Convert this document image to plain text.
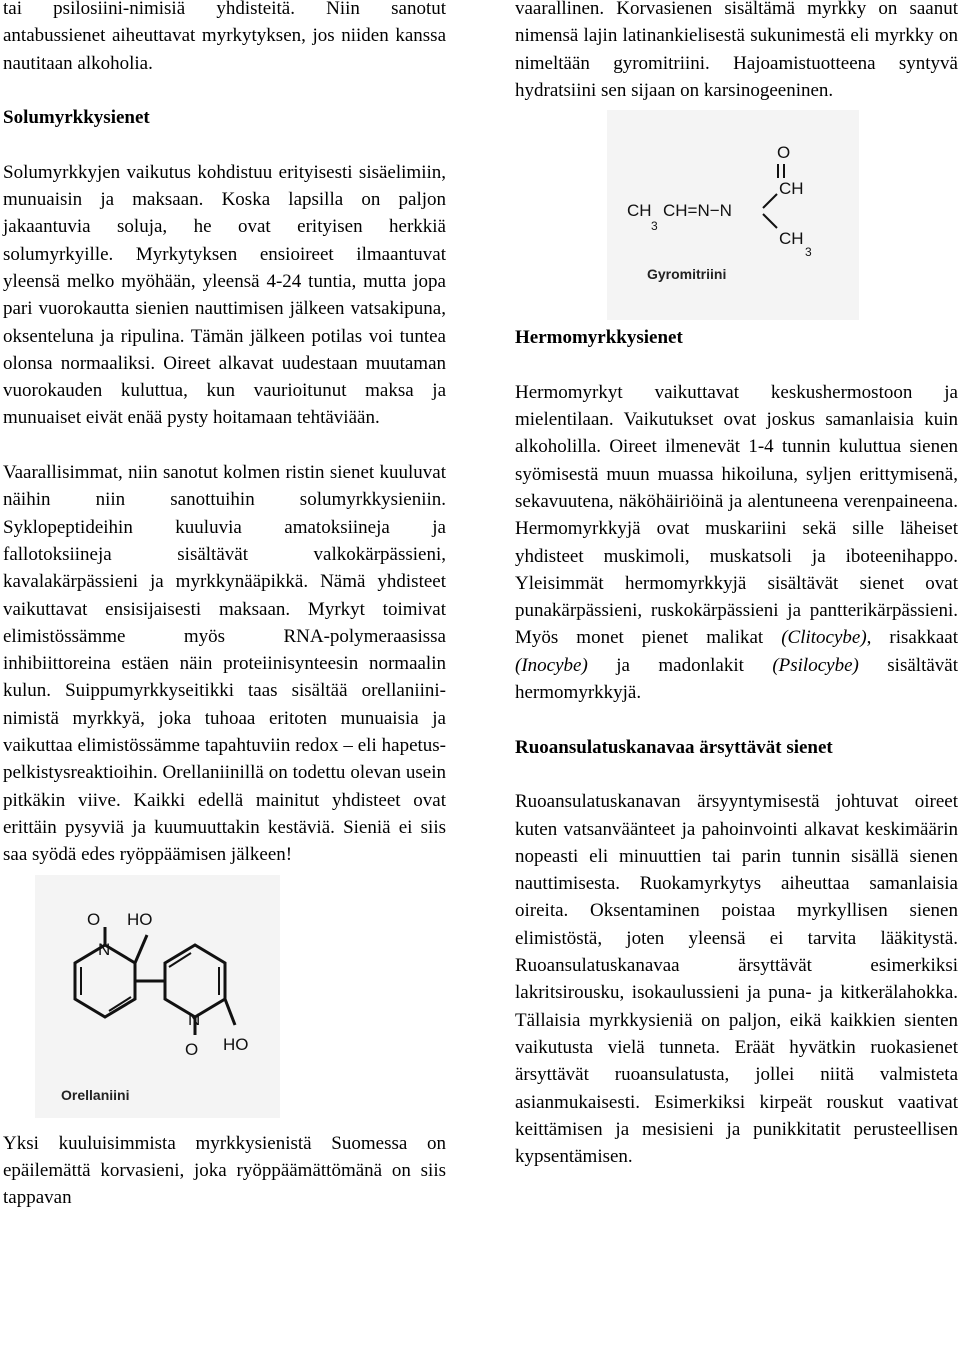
tai psilosiini-nimisiä yhdisteitä. Niin sanotut antabussienet aiheuttavat myrkytyksen, jos niiden kanssa nautitaan alkoholia.

Solumyrkkysienet

Solumyrkkyjen vaikutus kohdistuu erityisesti sisäelimiin, munuaisin ja maksaan. Koska lapsilla on paljon jakaantuvia soluja, he ovat erityisen herkkiä solumyrkyille. Myrkytyksen ensioireet ilmaantuvat yleensä melko myöhään, yleensä 4-24 tuntia, mutta jopa pari vuorokautta sienien nauttimisen jälkeen vatsakipuna, oksenteluna ja ripulina. Tämän jälkeen potilas voi tuntea olonsa normaaliksi. Oireet alkavat uudestaan muutaman vuorokauden kuluttua, kun vaurioitunut maksa ja munuaiset eivät enää pysty hoitamaan tehtäviään.

Vaarallisimmat, niin sanotut kolmen ristin sienet kuuluvat näihin niin sanottuihin solumyrkkysieniin. Syklopeptideihin kuuluvia amatoksiineja ja fallotoksiineja sisältävät valkokärpässieni, kavalakärpässieni ja myrkkynääpikkä. Nämä yhdisteet vaikuttavat ensisijaisesti maksaan. Myrkyt toimivat elimistössämme myös RNA-polymeraasissa inhibiittoreina estäen näin proteiinisynteesin normaalin kulun. Suippumyrkkyseitikki taas sisältää orellaniini-nimistä myrkkyä, joka tuhoaa eritoten munuaisia ja vaikuttaa elimistössämme tapahtuviin redox – eli hapetus-pelkistysreaktioihin. Orellaniinillä on todettu olevan usein pitkäkin viive. Kaikki edellä mainitut yhdisteet ovat erittäin pysyviä ja kuumuuttakin kestäviä. Sieniä ei siis saa syödä edes ryöppäämisen jälkeen!

O HO
N
N
O HO
Orellaniini

Yksi kuuluisimmista myrkkysienistä Suomessa on epäilemättä korvasieni, joka ryöppäämättömänä on siis tappavan

vaarallinen. Korvasienen sisältämä myrkky on saanut nimensä lajin latinankielisestä sukunimestä eli myrkky on nimeltään gyromitriini. Hajoamistuotteena syntyvä hydratsiini sen sijaan on karsinogeeninen.

O
CH
CH
3
CH=N−N
CH
3
Gyromitriini
Hermomyrkkysienet

Hermomyrkyt vaikuttavat keskushermostoon ja mielentilaan. Vaikutukset ovat joskus samanlaisia kuin alkoholilla. Oireet ilmenevät 1-4 tunnin kuluttua sienen syömisestä muun muassa hikoiluna, syljen erittymisenä, sekavuutena, näköhäiriöinä ja alentuneena verenpaineena. Hermomyrkkyjä ovat muskariini sekä sille läheiset yhdisteet muskimoli, muskatsoli ja iboteenihappo. Yleisimmät hermomyrkkyjä sisältävät sienet ovat punakärpässieni, ruskokärpässieni ja pantterikärpässieni. Myös monet pienet malikat (Clitocybe), risakkaat (Inocybe) ja madonlakit (Psilocybe) sisältävät hermomyrkkyjä.

Ruoansulatuskanavaa ärsyttävät sienet

Ruoansulatuskanavan ärsyyntymisestä johtuvat oireet kuten vatsanväänteet ja pahoinvointi alkavat keskimäärin nopeasti eli minuuttien tai parin tunnin sisällä sienen nauttimisesta. Ruokamyrkytys aiheuttaa samanlaisia oireita. Oksentaminen poistaa myrkyllisen sienen elimistöstä, joten yleensä ei tarvita lääkitystä. Ruoansulatuskanavaa ärsyttävät esimerkiksi lakritsirousku, isokaulussieni ja puna- ja kitkerälahokka. Tällaisia myrkkysieniä on paljon, eikä kaikkien sienten vaikutusta vielä tunneta. Eräät hyvätkin ruokasienet ärsyttävät ruoansulatusta, jollei niitä valmisteta asianmukaisesti. Esimerkiksi kirpeät rouskut vaativat keittämisen ja mesisieni ja punikkitatit perusteellisen kypsentämisen.
